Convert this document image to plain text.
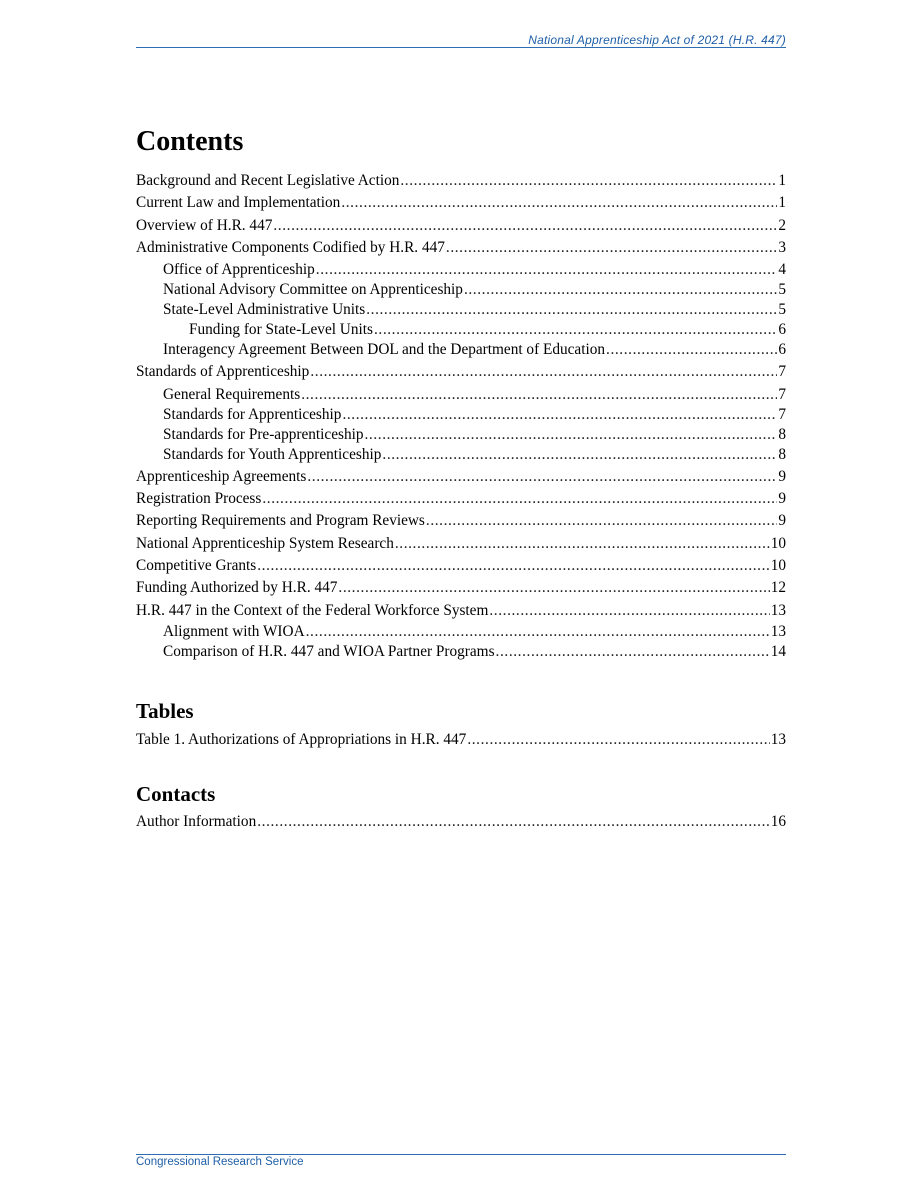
National Apprenticeship Act of 2021 (H.R. 447)
Contents
Background and Recent Legislative Action .....	1
Current Law and Implementation .....	1
Overview of H.R. 447 .....	2
Administrative Components Codified by H.R. 447 .....	3
Office of Apprenticeship .....	4
National Advisory Committee on Apprenticeship .....	5
State-Level Administrative Units .....	5
Funding for State-Level Units .....	6
Interagency Agreement Between DOL and the Department of Education .....	6
Standards of Apprenticeship .....	7
General Requirements .....	7
Standards for Apprenticeship .....	7
Standards for Pre-apprenticeship .....	8
Standards for Youth Apprenticeship .....	8
Apprenticeship Agreements .....	9
Registration Process .....	9
Reporting Requirements and Program Reviews .....	9
National Apprenticeship System Research .....	10
Competitive Grants .....	10
Funding Authorized by H.R. 447 .....	12
H.R. 447 in the Context of the Federal Workforce System .....	13
Alignment with WIOA .....	13
Comparison of H.R. 447 and WIOA Partner Programs .....	14
Tables
Table 1. Authorizations of Appropriations in H.R. 447 .....	13
Contacts
Author Information .....	16
Congressional Research Service
